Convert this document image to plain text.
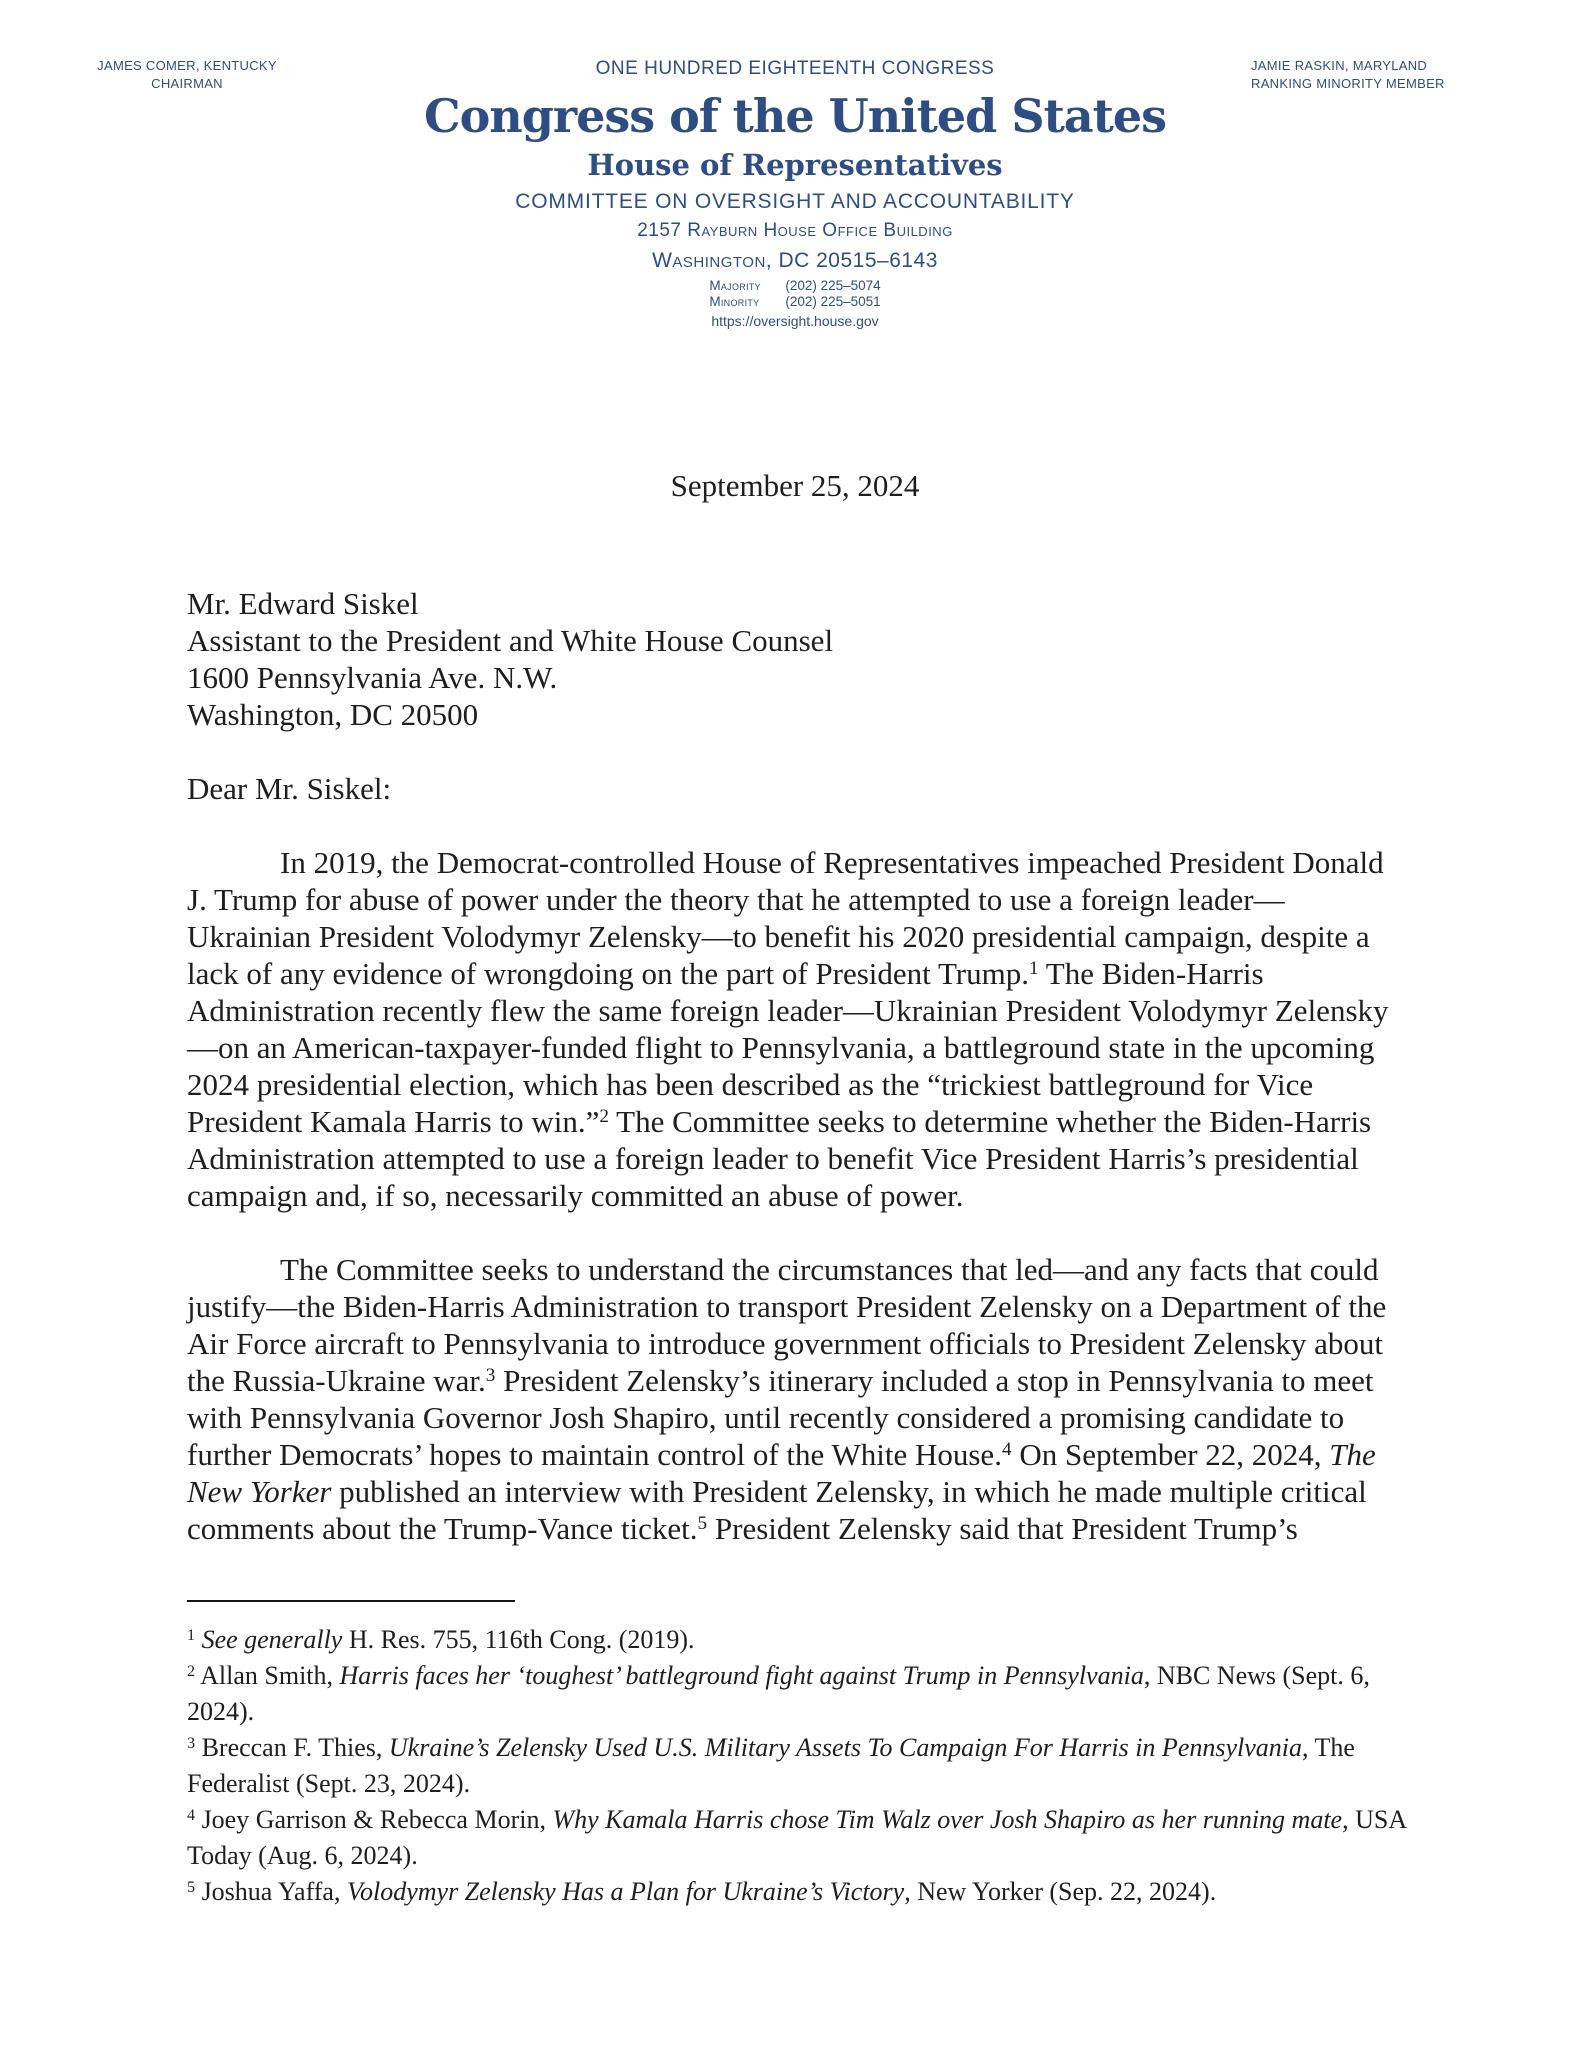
JAMES COMER, KENTUCKY
CHAIRMAN
ONE HUNDRED EIGHTEENTH CONGRESS	JAMIE RASKIN, MARYLAND
RANKING MINORITY MEMBER
Congress of the United States
House of Representatives
COMMITTEE ON OVERSIGHT AND ACCOUNTABILITY
2157 Rayburn House Office Building
Washington, DC 20515–6143
Majority (202) 225–5074
Minority (202) 225–5051
https://oversight.house.gov
September 25, 2024
Mr. Edward Siskel
Assistant to the President and White House Counsel
1600 Pennsylvania Ave. N.W.
Washington, DC 20500
Dear Mr. Siskel:

In 2019, the Democrat-controlled House of Representatives impeached President Donald J. Trump for abuse of power under the theory that he attempted to use a foreign leader—Ukrainian President Volodymyr Zelensky—to benefit his 2020 presidential campaign, despite a lack of any evidence of wrongdoing on the part of President Trump.$^1$ The Biden-Harris Administration recently flew the same foreign leader—Ukrainian President Volodymyr Zelensky—on an American-taxpayer-funded flight to Pennsylvania, a battleground state in the upcoming 2024 presidential election, which has been described as the “trickiest battleground for Vice President Kamala Harris to win.”$^2$ The Committee seeks to determine whether the Biden-Harris Administration attempted to use a foreign leader to benefit Vice President Harris’s presidential campaign and, if so, necessarily committed an abuse of power.

The Committee seeks to understand the circumstances that led—and any facts that could justify—the Biden-Harris Administration to transport President Zelensky on a Department of the Air Force aircraft to Pennsylvania to introduce government officials to President Zelensky about the Russia-Ukraine war.$^3$ President Zelensky’s itinerary included a stop in Pennsylvania to meet with Pennsylvania Governor Josh Shapiro, until recently considered a promising candidate to further Democrats’ hopes to maintain control of the White House.$^4$ On September 22, 2024, The New Yorker published an interview with President Zelensky, in which he made multiple critical comments about the Trump-Vance ticket.$^5$ President Zelensky said that President Trump’s

$^1$ See generally H. Res. 755, 116th Cong. (2019).

$^2$ Allan Smith, Harris faces her ‘toughest’ battleground fight against Trump in Pennsylvania, NBC News (Sept. 6, 2024).

$^3$ Breccan F. Thies, Ukraine’s Zelensky Used U.S. Military Assets To Campaign For Harris in Pennsylvania, The Federalist (Sept. 23, 2024).

$^4$ Joey Garrison & Rebecca Morin, Why Kamala Harris chose Tim Walz over Josh Shapiro as her running mate, USA Today (Aug. 6, 2024).

$^5$ Joshua Yaffa, Volodymyr Zelensky Has a Plan for Ukraine’s Victory, New Yorker (Sep. 22, 2024).
